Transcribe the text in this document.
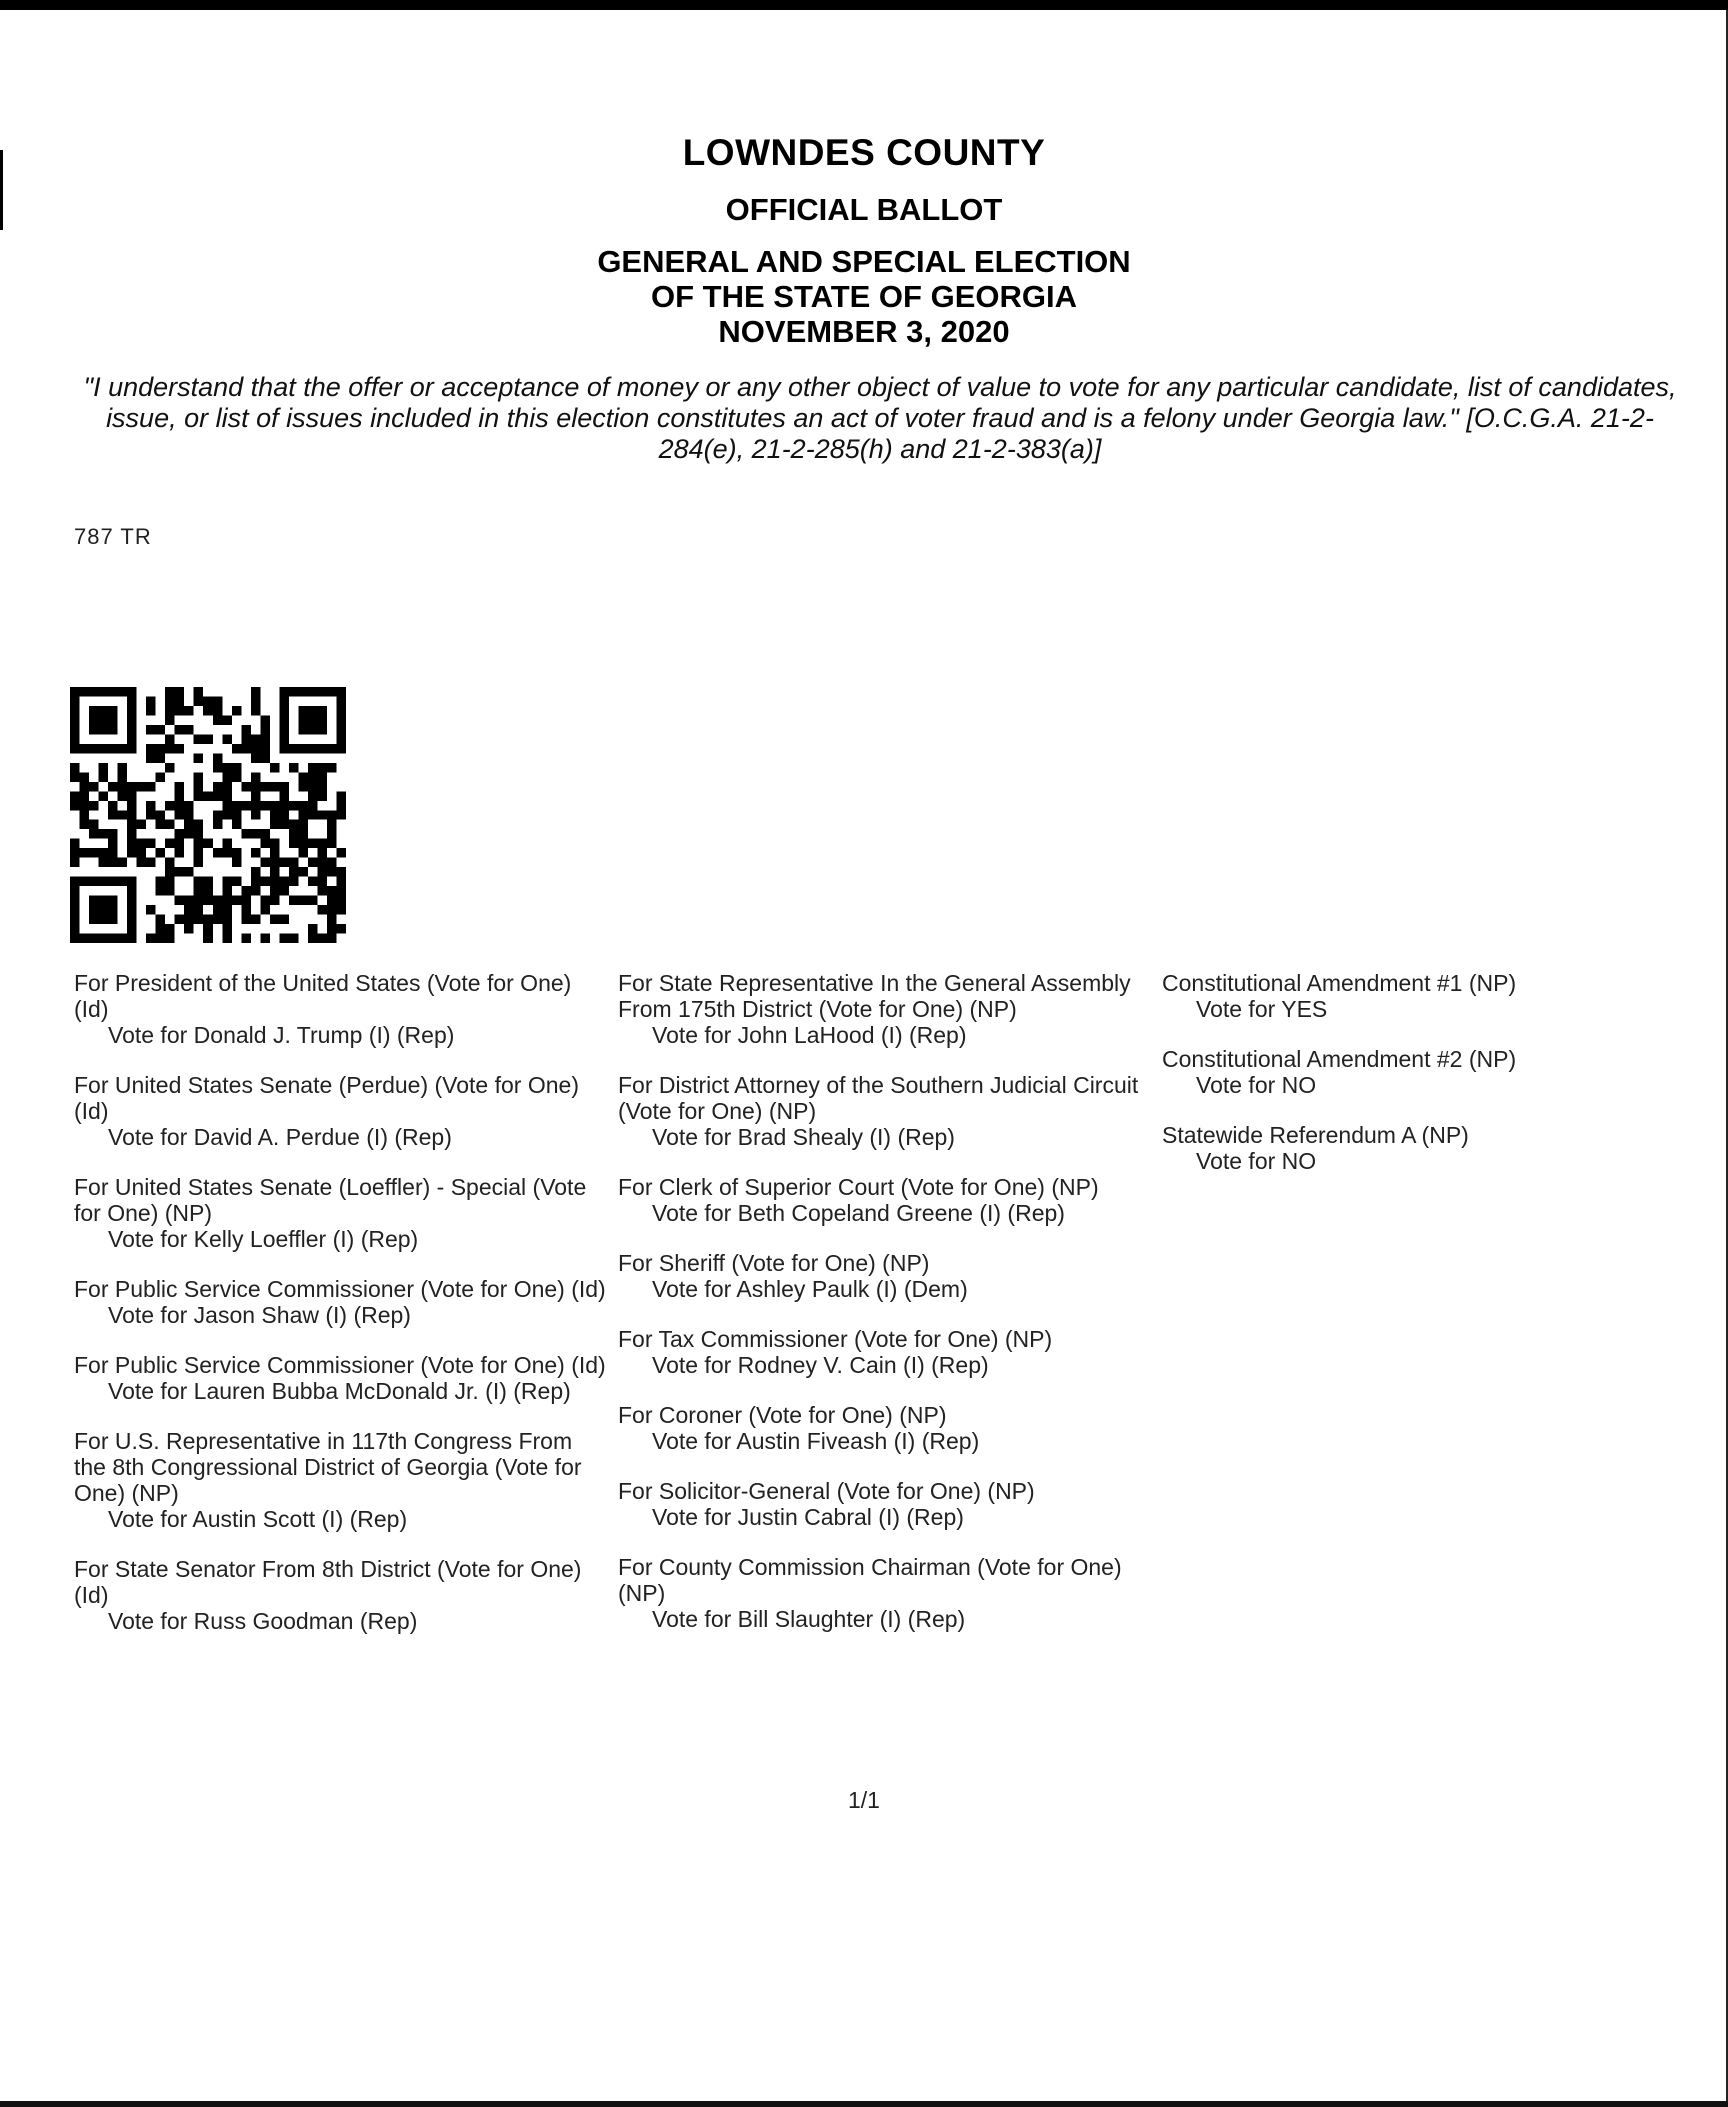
LOWNDES COUNTY
OFFICIAL BALLOT
GENERAL AND SPECIAL ELECTION
OF THE STATE OF GEORGIA
NOVEMBER 3, 2020
"I understand that the offer or acceptance of money or any other object of value to vote for any particular candidate, list of candidates, issue, or list of issues included in this election constitutes an act of voter fraud and is a felony under Georgia law." [O.C.G.A. 21-2-284(e), 21-2-285(h) and 21-2-383(a)]
787 TR
For President of the United States (Vote for One) (Id)
Vote for Donald J. Trump (I) (Rep)
For United States Senate (Perdue) (Vote for One) (Id)
Vote for David A. Perdue (I) (Rep)
For United States Senate (Loeffler) - Special (Vote for One) (NP)
Vote for Kelly Loeffler (I) (Rep)
For Public Service Commissioner (Vote for One) (Id)
Vote for Jason Shaw (I) (Rep)
For Public Service Commissioner (Vote for One) (Id)
Vote for Lauren Bubba McDonald Jr. (I) (Rep)
For U.S. Representative in 117th Congress From the 8th Congressional District of Georgia (Vote for One) (NP)
Vote for Austin Scott (I) (Rep)
For State Senator From 8th District (Vote for One) (Id)
Vote for Russ Goodman (Rep)
For State Representative In the General Assembly From 175th District (Vote for One) (NP)
Vote for John LaHood (I) (Rep)
For District Attorney of the Southern Judicial Circuit (Vote for One) (NP)
Vote for Brad Shealy (I) (Rep)
For Clerk of Superior Court (Vote for One) (NP)
Vote for Beth Copeland Greene (I) (Rep)
For Sheriff (Vote for One) (NP)
Vote for Ashley Paulk (I) (Dem)
For Tax Commissioner (Vote for One) (NP)
Vote for Rodney V. Cain (I) (Rep)
For Coroner (Vote for One) (NP)
Vote for Austin Fiveash (I) (Rep)
For Solicitor-General (Vote for One) (NP)
Vote for Justin Cabral (I) (Rep)
For County Commission Chairman (Vote for One) (NP)
Vote for Bill Slaughter (I) (Rep)
Constitutional Amendment #1 (NP)
Vote for YES
Constitutional Amendment #2 (NP)
Vote for NO
Statewide Referendum A (NP)
Vote for NO
1/1
